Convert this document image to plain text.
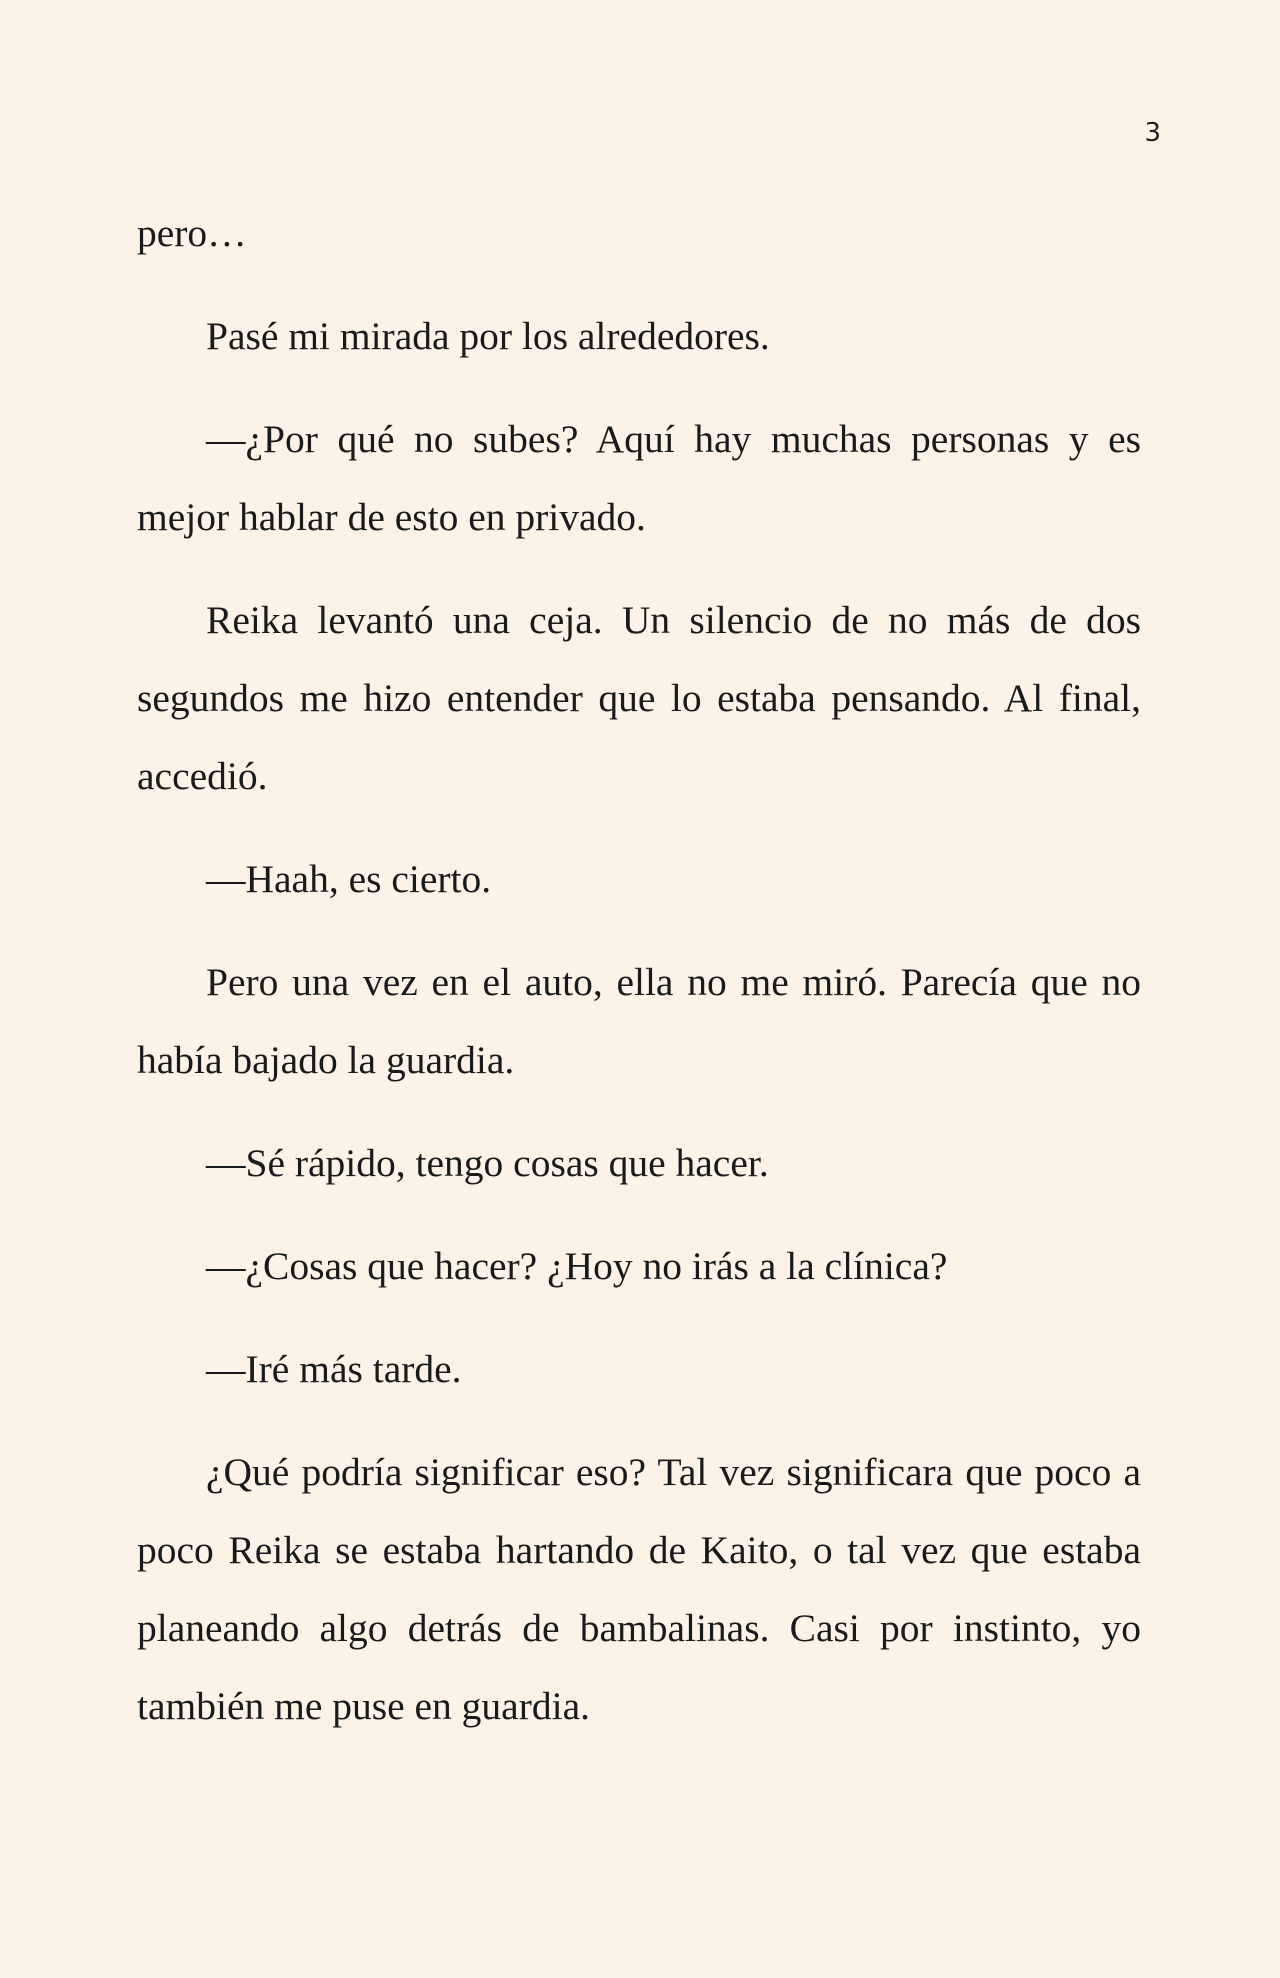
3

pero…

Pasé mi mirada por los alrededores.

—¿Por qué no subes? Aquí hay muchas personas y es mejor hablar de esto en privado.

Reika levantó una ceja. Un silencio de no más de dos segundos me hizo entender que lo estaba pensando. Al final, accedió.

—Haah, es cierto.

Pero una vez en el auto, ella no me miró. Parecía que no había bajado la guardia.

—Sé rápido, tengo cosas que hacer.

—¿Cosas que hacer? ¿Hoy no irás a la clínica?

—Iré más tarde.

¿Qué podría significar eso? Tal vez significara que poco a poco Reika se estaba hartando de Kaito, o tal vez que estaba planeando algo detrás de bambalinas. Casi por instinto, yo también me puse en guardia.
